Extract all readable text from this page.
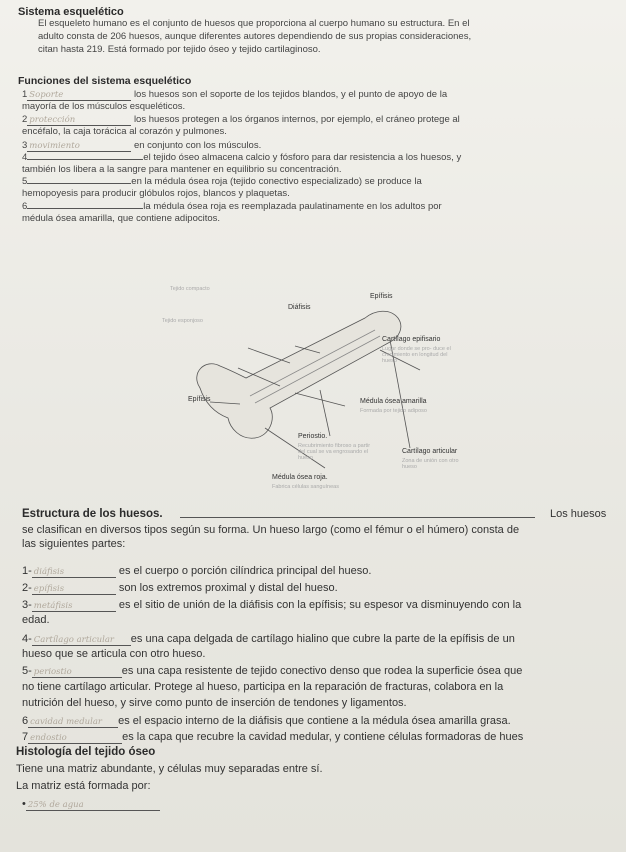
Sistema esquelético
El esqueleto humano es el conjunto de huesos que proporciona al cuerpo humano su estructura. En el
adulto consta de 206 huesos, aunque diferentes autores dependiendo de sus propias consideraciones,
citan hasta 219. Está formado por tejido óseo y tejido cartilaginoso.
Funciones del sistema esquelético
1 Soporte	los huesos son el soporte de los tejidos blandos, y el punto de apoyo de la
mayoría de los músculos esqueléticos.
2 protección	los huesos protegen a los órganos internos, por ejemplo, el cráneo protege al
encéfalo, la caja torácica al corazón y pulmones.
3 movimiento	en conjunto con los músculos.
4	el tejido óseo almacena calcio y fósforo para dar resistencia a los huesos, y
también los libera a la sangre para mantener en equilibrio su concentración.
5	en la médula ósea roja (tejido conectivo especializado) se produce la
hemopoyesis para producir glóbulos rojos, blancos y plaquetas.
6	la médula ósea roja es reemplazada paulatinamente en los adultos por
médula ósea amarilla, que contiene adipocitos.
Epífisis
Tejido compacto
Diáfisis
Tejido esponjoso
Cartílago epifisario
Lugar donde se pro- duce el crecimiento en longitud del hueso
Epífisis	Médula ósea amarilla
Formada por tejido adiposo
Periostio.
Recubrimiento fibroso a partir del cual se va engrosando el hueso
Cartílago articular
Zona de unión con otro hueso
Médula ósea roja.
Fabrica células sanguíneas
Estructura de los huesos.	Los huesos
se clasifican en diversos tipos según su forma. Un hueso largo (como el fémur o el húmero) consta de
las siguientes partes:
1- diáfisis	es el cuerpo o porción cilíndrica principal del hueso.
2- epífisis	son los extremos proximal y distal del hueso.
3- metáfisis	es el sitio de unión de la diáfisis con la epífisis; su espesor va disminuyendo con la
edad.
4- Cartílago articular es una capa delgada de cartílago hialino que cubre la parte de la epífisis de un
hueso que se articula con otro hueso.
5- periostio	es una capa resistente de tejido conectivo denso que rodea la superficie ósea que
no tiene cartílago articular. Protege al hueso, participa en la reparación de fracturas, colabora en la
nutrición del hueso, y sirve como punto de inserción de tendones y ligamentos.
6 cavidad medular es el espacio interno de la diáfisis que contiene a la médula ósea amarilla grasa.
7 endostio	es la capa que recubre la cavidad medular, y contiene células formadoras de hues
Histología del tejido óseo
Tiene una matriz abundante, y células muy separadas entre sí.
La matriz está formada por:
• 25% de agua
